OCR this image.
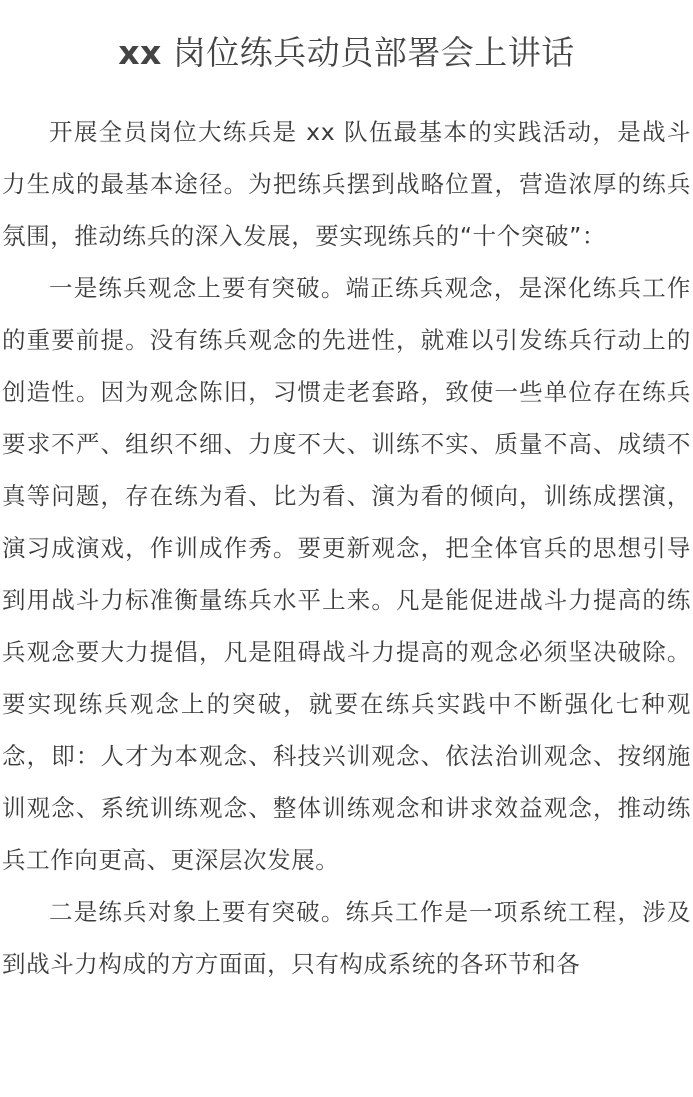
xx 岗位练兵动员部署会上讲话

开展全员岗位大练兵是 xx 队伍最基本的实践活动，是战斗力生成的最基本途径。为把练兵摆到战略位置，营造浓厚的练兵氛围，推动练兵的深入发展，要实现练兵的“十个突破”：

一是练兵观念上要有突破。端正练兵观念，是深化练兵工作的重要前提。没有练兵观念的先进性，就难以引发练兵行动上的创造性。因为观念陈旧，习惯走老套路，致使一些单位存在练兵要求不严、组织不细、力度不大、训练不实、质量不高、成绩不真等问题，存在练为看、比为看、演为看的倾向，训练成摆演，演习成演戏，作训成作秀。要更新观念，把全体官兵的思想引导到用战斗力标准衡量练兵水平上来。凡是能促进战斗力提高的练兵观念要大力提倡，凡是阻碍战斗力提高的观念必须坚决破除。要实现练兵观念上的突破，就要在练兵实践中不断强化七种观念，即：人才为本观念、科技兴训观念、依法治训观念、按纲施训观念、系统训练观念、整体训练观念和讲求效益观念，推动练兵工作向更高、更深层次发展。

二是练兵对象上要有突破。练兵工作是一项系统工程，涉及到战斗力构成的方方面面，只有构成系统的各环节和各
